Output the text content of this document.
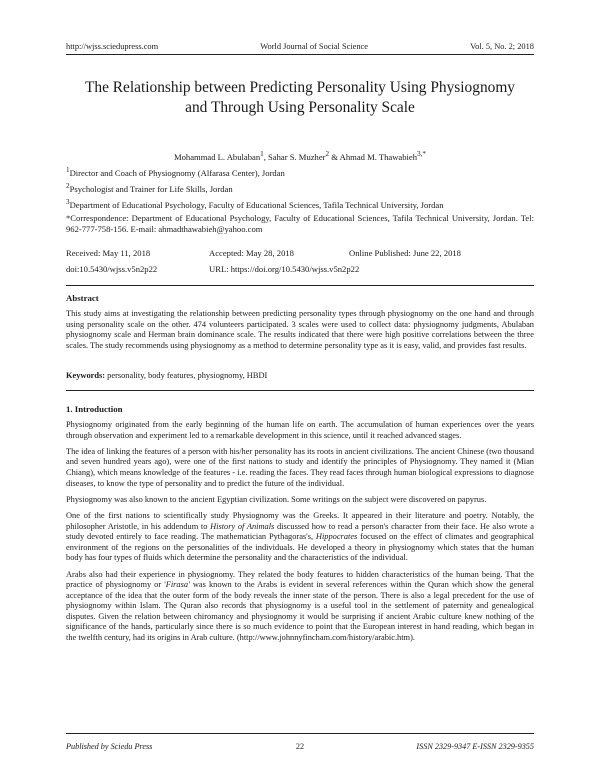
http://wjss.sciedupress.com	World Journal of Social Science	Vol. 5, No. 2; 2018
The Relationship between Predicting Personality Using Physiognomy
and Through Using Personality Scale
Mohammad L. Abulaban$^1$, Sahar S. Muzher$^2$ & Ahmad M. Thawabieh$^{3,*}$
$^1$Director and Coach of Physiognomy (Alfarasa Center), Jordan
$^2$Psychologist and Trainer for Life Skills, Jordan
$^3$Department of Educational Psychology, Faculty of Educational Sciences, Tafila Technical University, Jordan
*Correspondence: Department of Educational Psychology, Faculty of Educational Sciences, Tafila Technical University, Jordan. Tel: 962-777-758-156. E-mail: ahmadthawabieh@yahoo.com
Received: May 11, 2018	Accepted: May 28, 2018	Online Published: June 22, 2018
doi:10.5430/wjss.v5n2p22	URL: https://doi.org/10.5430/wjss.v5n2p22
Abstract
This study aims at investigating the relationship between predicting personality types through physiognomy on the one hand and through using personality scale on the other. 474 volunteers participated. 3 scales were used to collect data: physiognomy judgments, Abulaban physiognomy scale and Herman brain dominance scale. The results indicated that there were high positive correlations between the three scales. The study recommends using physiognomy as a method to determine personality type as it is easy, valid, and provides fast results.
Keywords: personality, body features, physiognomy, HBDI
1. Introduction

Physiognomy originated from the early beginning of the human life on earth. The accumulation of human experiences over the years through observation and experiment led to a remarkable development in this science, until it reached advanced stages.

The idea of linking the features of a person with his/her personality has its roots in ancient civilizations. The ancient Chinese (two thousand and seven hundred years ago), were one of the first nations to study and identify the principles of Physiognomy. They named it (Mian Chiang), which means knowledge of the features - i.e. reading the faces. They read faces through human biological expressions to diagnose diseases, to know the type of personality and to predict the future of the individual.

Physiognomy was also known to the ancient Egyptian civilization. Some writings on the subject were discovered on papyrus.

One of the first nations to scientifically study Physiognomy was the Greeks. It appeared in their literature and poetry. Notably, the philosopher Aristotle, in his addendum to History of Animals discussed how to read a person's character from their face. He also wrote a study devoted entirely to face reading. The mathematician Pythagoras's, Hippocrates focused on the effect of climates and geographical environment of the regions on the personalities of the individuals. He developed a theory in physiognomy which states that the human body has four types of fluids which determine the personality and the characteristics of the individual.

Arabs also had their experience in physiognomy. They related the body features to hidden characteristics of the human being. That the practice of physiognomy or 'Firasa' was known to the Arabs is evident in several references within the Quran which show the general acceptance of the idea that the outer form of the body reveals the inner state of the person. There is also a legal precedent for the use of physiognomy within Islam. The Quran also records that physiognomy is a useful tool in the settlement of paternity and genealogical disputes. Given the relation between chiromancy and physiognomy it would be surprising if ancient Arabic culture knew nothing of the significance of the hands, particularly since there is so much evidence to point that the European interest in hand reading, which began in the twelfth century, had its origins in Arab culture. (http://www.johnnyfincham.com/history/arabic.htm).

Published by Sciedu Press	22	ISSN 2329-9347 E-ISSN 2329-9355
